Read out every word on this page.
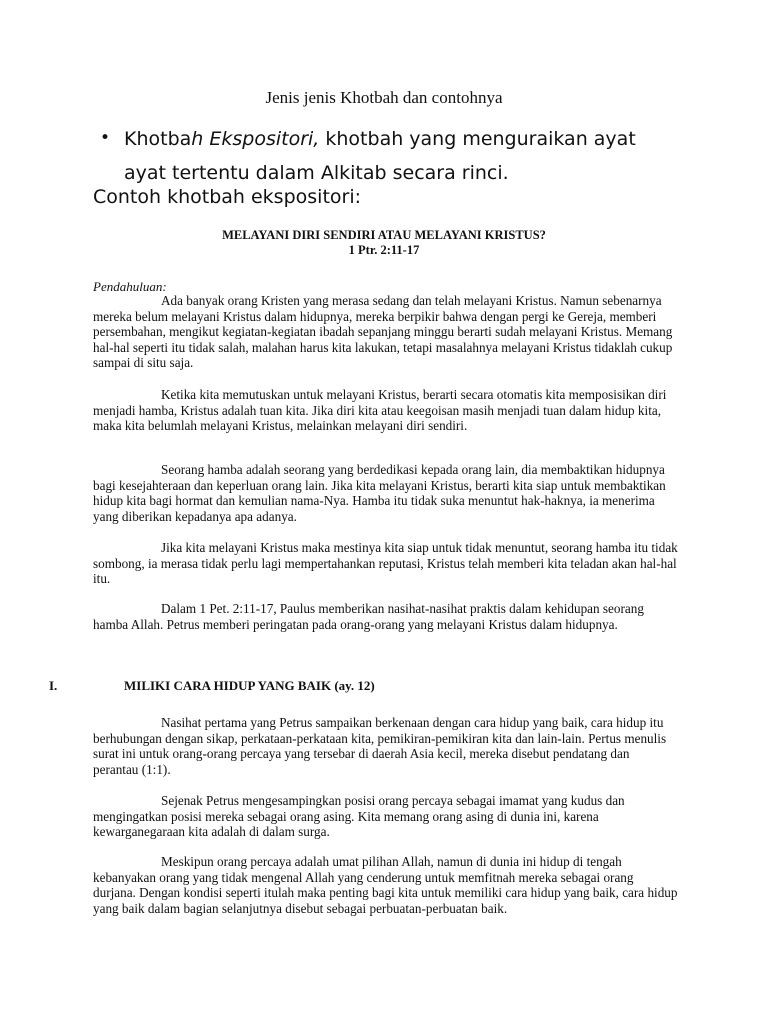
Jenis jenis Khotbah dan contohnya
• Khotbah Ekspositori, khotbah yang menguraikan ayat
ayat tertentu dalam Alkitab secara rinci.
Contoh khotbah ekspositori:
MELAYANI DIRI SENDIRI ATAU MELAYANI KRISTUS?
1 Ptr. 2:11-17
Pendahuluan:

Ada banyak orang Kristen yang merasa sedang dan telah melayani Kristus. Namun sebenarnya mereka belum melayani Kristus dalam hidupnya, mereka berpikir bahwa dengan pergi ke Gereja, memberi persembahan, mengikut kegiatan-kegiatan ibadah sepanjang minggu berarti sudah melayani Kristus. Memang hal-hal seperti itu tidak salah, malahan harus kita lakukan, tetapi masalahnya melayani Kristus tidaklah cukup sampai di situ saja.

Ketika kita memutuskan untuk melayani Kristus, berarti secara otomatis kita memposisikan diri menjadi hamba, Kristus adalah tuan kita. Jika diri kita atau keegoisan masih menjadi tuan dalam hidup kita, maka kita belumlah melayani Kristus, melainkan melayani diri sendiri.

Seorang hamba adalah seorang yang berdedikasi kepada orang lain, dia membaktikan hidupnya bagi kesejahteraan dan keperluan orang lain. Jika kita melayani Kristus, berarti kita siap untuk membaktikan hidup kita bagi hormat dan kemulian nama-Nya. Hamba itu tidak suka menuntut hak-haknya, ia menerima yang diberikan kepadanya apa adanya.

Jika kita melayani Kristus maka mestinya kita siap untuk tidak menuntut, seorang hamba itu tidak sombong, ia merasa tidak perlu lagi mempertahankan reputasi, Kristus telah memberi kita teladan akan hal-hal itu.

Dalam 1 Pet. 2:11-17, Paulus memberikan nasihat-nasihat praktis dalam kehidupan seorang hamba Allah. Petrus memberi peringatan pada orang-orang yang melayani Kristus dalam hidupnya.

I.	MILIKI CARA HIDUP YANG BAIK (ay. 12)

Nasihat pertama yang Petrus sampaikan berkenaan dengan cara hidup yang baik, cara hidup itu berhubungan dengan sikap, perkataan-perkataan kita, pemikiran-pemikiran kita dan lain-lain. Pertus menulis surat ini untuk orang-orang percaya yang tersebar di daerah Asia kecil, mereka disebut pendatang dan perantau (1:1).

Sejenak Petrus mengesampingkan posisi orang percaya sebagai imamat yang kudus dan mengingatkan posisi mereka sebagai orang asing. Kita memang orang asing di dunia ini, karena kewarganegaraan kita adalah di dalam surga.

Meskipun orang percaya adalah umat pilihan Allah, namun di dunia ini hidup di tengah kebanyakan orang yang tidak mengenal Allah yang cenderung untuk memfitnah mereka sebagai orang durjana. Dengan kondisi seperti itulah maka penting bagi kita untuk memiliki cara hidup yang baik, cara hidup yang baik dalam bagian selanjutnya disebut sebagai perbuatan-perbuatan baik.
